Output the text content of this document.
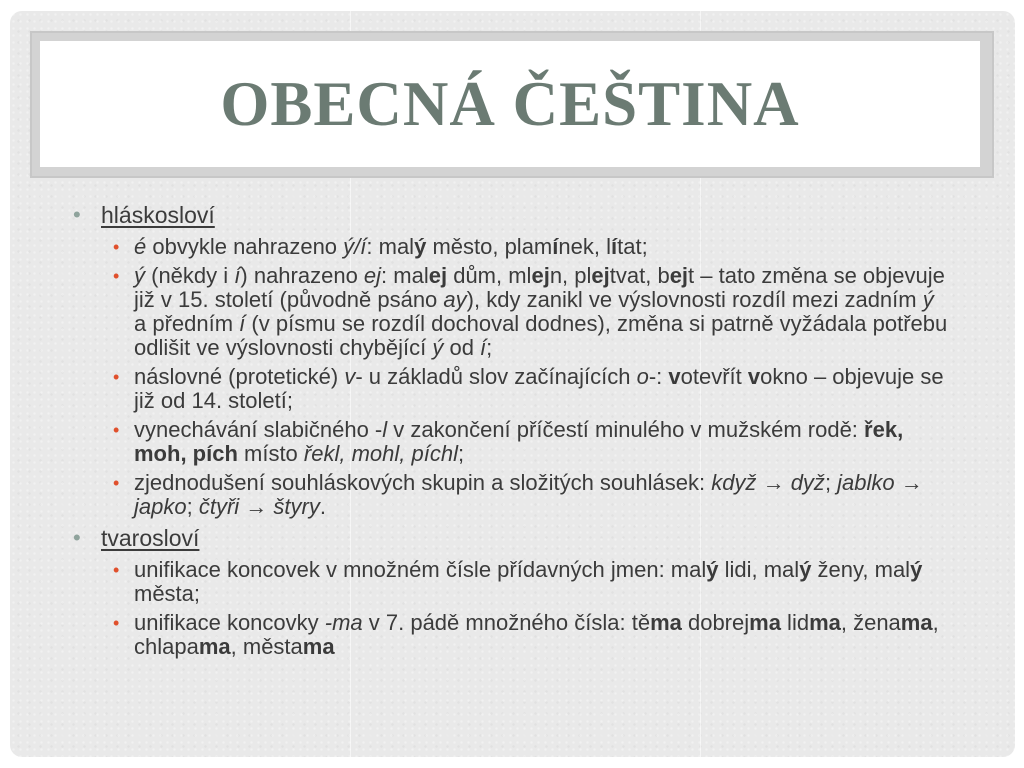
OBECNÁ ČEŠTINA
• hláskosloví
• é obvykle nahrazeno ý/í: malý město, plamínek, lítat;
• ý (někdy i í) nahrazeno ej: malej dům, mlejn, plejtvat, bejt – tato změna se objevuje již v 15. století (původně psáno ay), kdy zanikl ve výslovnosti rozdíl mezi zadním ý a předním í (v písmu se rozdíl dochoval dodnes), změna si patrně vyžádala potřebu odlišit ve výslovnosti chybějící ý od í;
• náslovné (protetické) v- u základů slov začínajících o-: votevřít vokno – objevuje se již od 14. století;
• vynechávání slabičného -l v zakončení příčestí minulého v mužském rodě: řek, moh, pích místo řekl, mohl, píchl;
• zjednodušení souhláskových skupin a složitých souhlásek: když → dyž; jablko → japko; čtyři → štyry.
• tvarosloví
• unifikace koncovek v množném čísle přídavných jmen: malý lidi, malý ženy, malý města;
• unifikace koncovky -ma v 7. pádě množného čísla: těma dobrejma lidma, ženama, chlapama, městama
